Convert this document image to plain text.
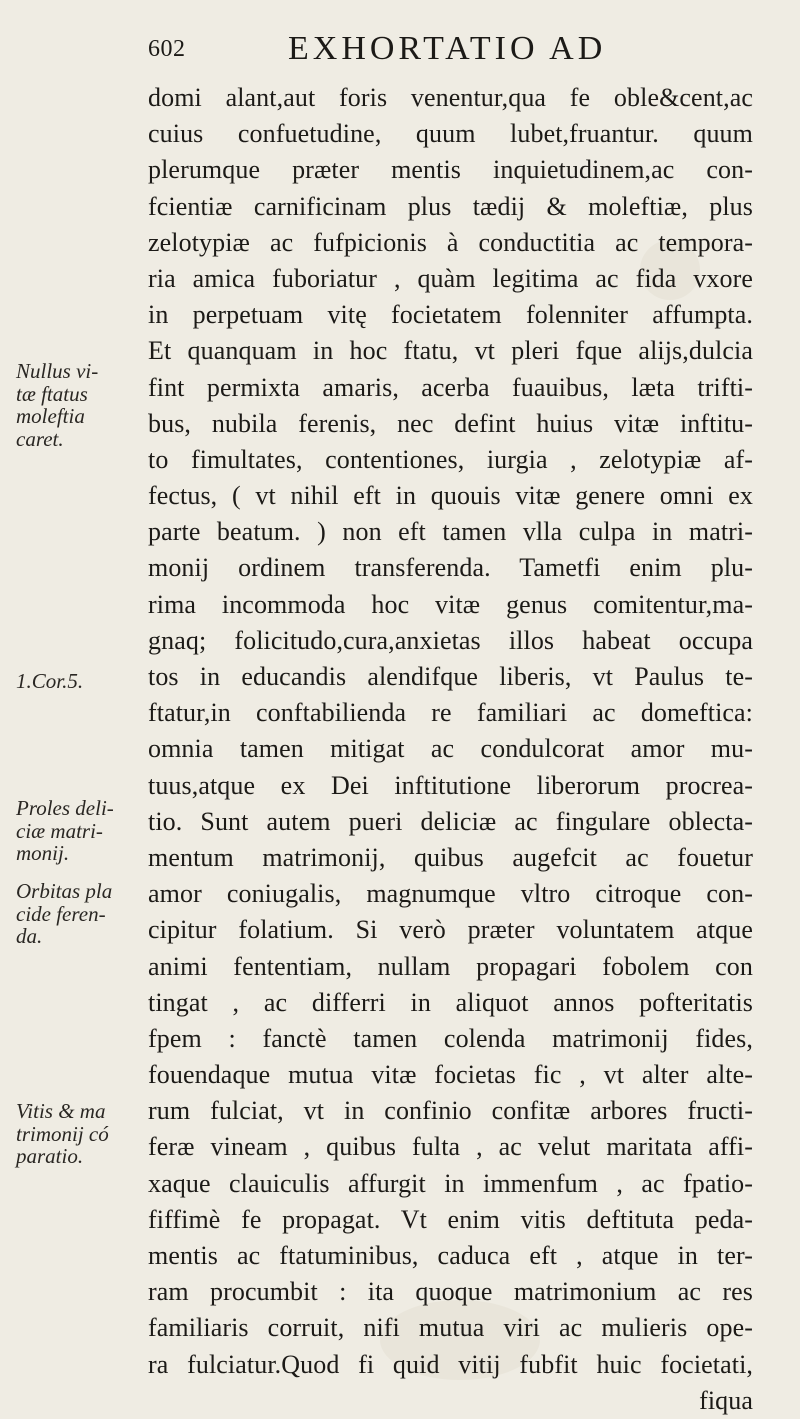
602	EXHORTATIO AD
domi alant,aut foris venentur,qua fe oble&cent,ac
cuius confuetudine, quum lubet,fruantur. quum
plerumque præter mentis inquietudinem,ac con-
fcientiæ carnificinam plus tædij & moleftiæ, plus
zelotypiæ ac fufpicionis à conductitia ac tempora-
ria amica fuboriatur , quàm legitima ac fida vxore
in perpetuam vitę focietatem folenniter affumpta.
Et quanquam in hoc ftatu, vt pleri fque alijs,dulcia
fint permixta amaris, acerba fuauibus, læta trifti-
bus, nubila ferenis, nec defint huius vitæ inftitu-
to fimultates, contentiones, iurgia , zelotypiæ af-
fectus, ( vt nihil eft in quouis vitæ genere omni ex
parte beatum. ) non eft tamen vlla culpa in matri-
monij ordinem transferenda. Tametfi enim plu-
rima incommoda hoc vitæ genus comitentur,ma-
gnaq; folicitudo,cura,anxietas illos habeat occupa
tos in educandis alendifque liberis, vt Paulus te-
ftatur,in conftabilienda re familiari ac domeftica:
omnia tamen mitigat ac condulcorat amor mu-
tuus,atque ex Dei inftitutione liberorum procrea-
tio. Sunt autem pueri deliciæ ac fingulare oblecta-
mentum matrimonij, quibus augefcit ac fouetur
amor coniugalis, magnumque vltro citroque con-
cipitur folatium. Si verò præter voluntatem atque
animi fententiam, nullam propagari fobolem con
tingat , ac differri in aliquot annos pofteritatis
fpem : fanctè tamen colenda matrimonij fides,
fouendaque mutua vitæ focietas fic , vt alter alte-
rum fulciat, vt in confinio confitæ arbores fructi-
feræ vineam , quibus fulta , ac velut maritata affi-
xaque clauiculis affurgit in immenfum , ac fpatio-
fiffimè fe propagat. Vt enim vitis deftituta peda-
mentis ac ftatuminibus, caduca eft , atque in ter-
ram procumbit : ita quoque matrimonium ac res
familiaris corruit, nifi mutua viri ac mulieris ope-
ra fulciatur.Quod fi quid vitij fubfit huic focietati,
fiqua
Nullus vi-
tæ ftatus
moleftia
caret.
1.Cor.5.
Proles deli-
ciæ matri-
monij.
Orbitas pla
cide feren-
da.
Vitis & ma
trimonij có
paratio.
